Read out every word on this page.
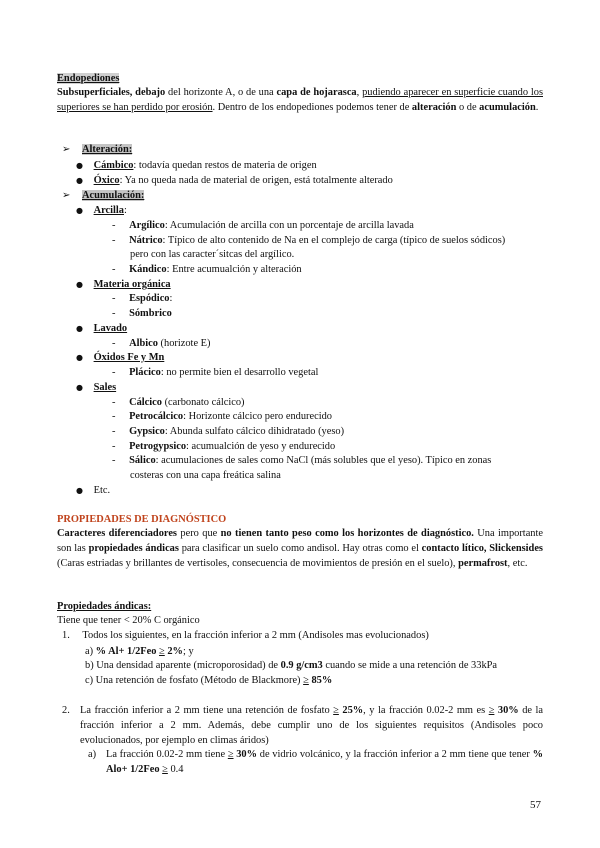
Endopediones
Subsuperficiales, debajo del horizonte A, o de una capa de hojarasca, pudiendo aparecer en superficie cuando los superiores se han perdido por erosión. Dentro de los endopediones podemos tener de alteración o de acumulación.
➢ Alteración:
● Cámbico: todavía quedan restos de materia de origen
● Óxico: Ya no queda nada de material de origen, está totalmente alterado
➢ Acumulación:
● Arcilla:
- Argílico: Acumulación de arcilla con un porcentaje de arcilla lavada
- Nátrico: Típico de alto contenido de Na en el complejo de carga (típico de suelos sódicos)
pero con las caracter´sitcas del argílico.
- Kándico: Entre acumualción y alteración
● Materia orgánica
- Espódico:
- Sómbrico
● Lavado
- Albico (horizote E)
● Óxidos Fe y Mn
- Plácico: no permite bien el desarrollo vegetal
● Sales
- Cálcico (carbonato cálcico)
- Petrocálcico: Horizonte cálcico pero endurecido
- Gypsico: Abunda sulfato cálcico dihidratado (yeso)
- Petrogypsico: acumualción de yeso y endurecido
- Sálico: acumulaciones de sales como NaCl (más solubles que el yeso). Típico en zonas
costeras con una capa freática salina
● Etc.
PROPIEDADES DE DIAGNÓSTICO
Caracteres diferenciadores pero que no tienen tanto peso como los horizontes de diagnóstico. Una importante son las propiedades ándicas para clasificar un suelo como andisol. Hay otras como el contacto lítico, Slickensides (Caras estriadas y brillantes de vertisoles, consecuencia de movimientos de presión en el suelo), permafrost, etc.
Propiedades ándicas:
Tiene que tener < 20% C orgánico
1. Todos los siguientes, en la fracción inferior a 2 mm (Andisoles mas evolucionados)
a) % Al+ 1/2Feo ≥ 2%; y
b) Una densidad aparente (microporosidad) de 0.9 g/cm3 cuando se mide a una retención de 33kPa
c) Una retención de fosfato (Método de Blackmore) ≥ 85%
2. La fracción inferior a 2 mm tiene una retención de fosfato ≥ 25%, y la fracción 0.02-2 mm es ≥ 30% de la fracción inferior a 2 mm. Además, debe cumplir uno de los siguientes requisitos (Andisoles poco evolucionados, por ejemplo en climas áridos)
a) La fracción 0.02-2 mm tiene ≥ 30% de vidrio volcánico, y la fracción inferior a 2 mm tiene que tener % Alo+ 1/2Feo ≥ 0.4
57
